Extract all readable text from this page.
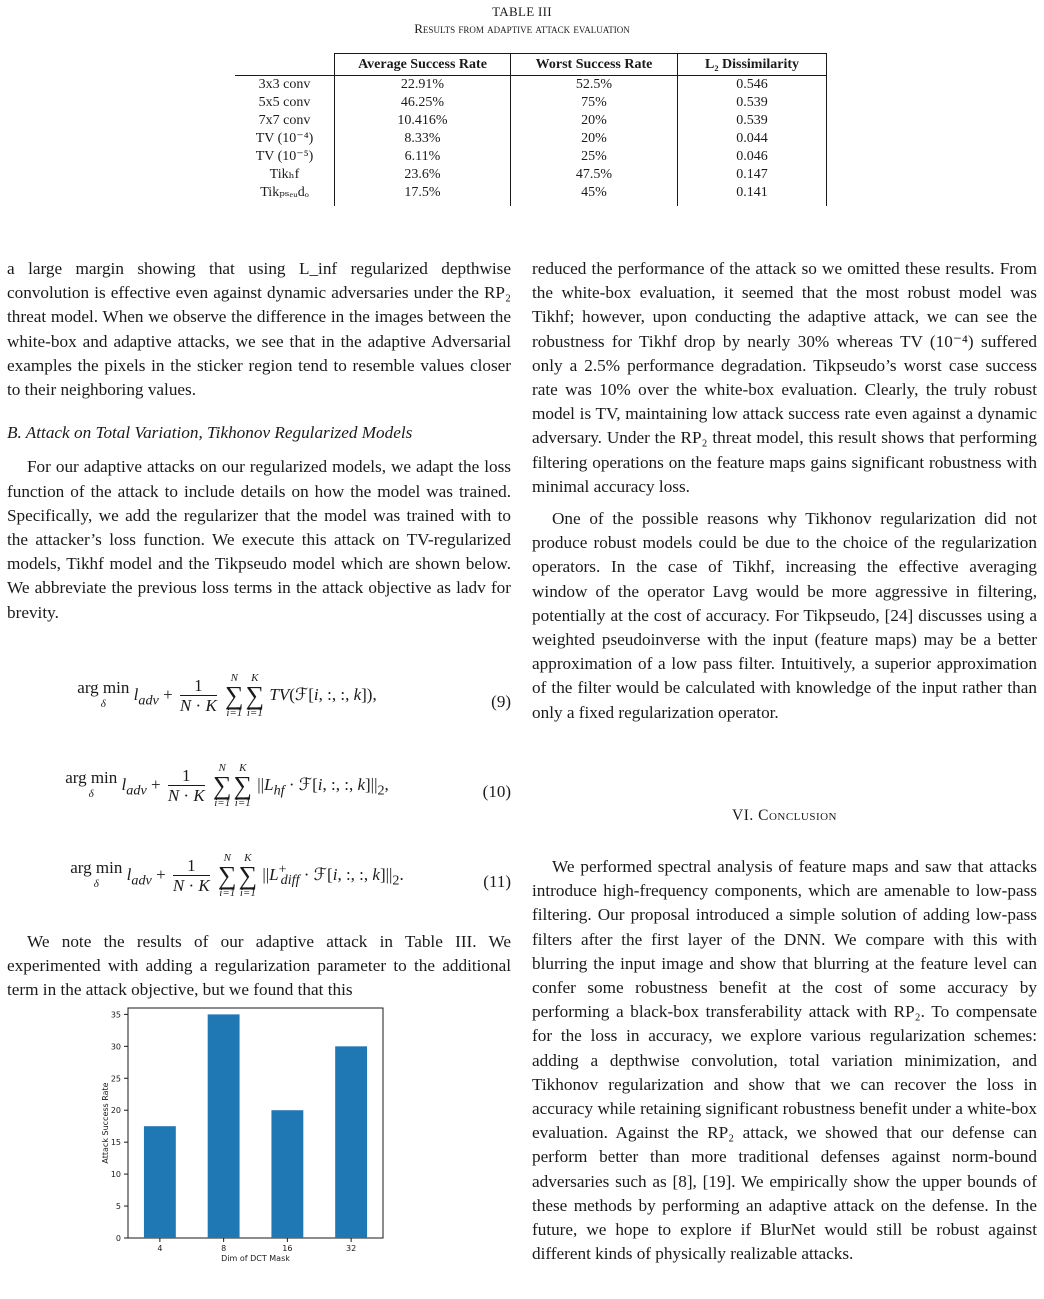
TABLE III
Results from adaptive attack evaluation
	Average Success Rate	Worst Success Rate	L₂ Dissimilarity
3x3 conv	22.91%	52.5%	0.546
5x5 conv	46.25%	75%	0.539
7x7 conv	10.416%	20%	0.539
TV (10⁻⁴)	8.33%	20%	0.044
TV (10⁻⁵)	6.11%	25%	0.046
Tikₕf	23.6%	47.5%	0.147
Tikₚₛₑᵤdₒ	17.5%	45%	0.141

a large margin showing that using L_inf regularized depthwise convolution is effective even against dynamic adversaries under the RP₂ threat model. When we observe the difference in the images between the white-box and adaptive attacks, we see that in the adaptive Adversarial examples the pixels in the sticker region tend to resemble values closer to their neighboring values.

B. Attack on Total Variation, Tikhonov Regularized Models

For our adaptive attacks on our regularized models, we adapt the loss function of the attack to include details on how the model was trained. Specifically, we add the regularizer that the model was trained with to the attacker’s loss function. We execute this attack on TV-regularized models, Tikhf model and the Tikpseudo model which are shown below. We abbreviate the previous loss terms in the attack objective as ladv for brevity.

arg min
δ
$l_{adv} + \frac{1}{N \cdot K}$
	N
∑
i=1
K
∑
i=1
TV(ℱ[i, :, :, k]),	(9)
arg min
δ
$l_{adv} + \frac{1}{N \cdot K}$
	N
∑
i=1
K
∑
i=1
$||L_{hf}$ · ℱ[i, :, :, $k]||_2$,	(10)
arg min
δ
$l_{adv} + \frac{1}{N \cdot K}$
	N
∑
i=1
K
∑
i=1
$||L^+_{diff}$ · ℱ[i, :, :, $k]||_2$.	(11)

We note the results of our adaptive attack in Table III. We experimented with adding a regularization parameter to the additional term in the attack objective, but we found that this

0
5
10
15
20
25
30
35
4	8	16	32
Dim of DCT Mask
Attack Success Rate

reduced the performance of the attack so we omitted these results. From the white-box evaluation, it seemed that the most robust model was Tikhf; however, upon conducting the adaptive attack, we can see the robustness for Tikhf drop by nearly 30% whereas TV (10⁻⁴) suffered only a 2.5% performance degradation. Tikpseudo’s worst case success rate was 10% over the white-box evaluation. Clearly, the truly robust model is TV, maintaining low attack success rate even against a dynamic adversary. Under the RP₂ threat model, this result shows that performing filtering operations on the feature maps gains significant robustness with minimal accuracy loss.

One of the possible reasons why Tikhonov regularization did not produce robust models could be due to the choice of the regularization operators. In the case of Tikhf, increasing the effective averaging window of the operator Lavg would be more aggressive in filtering, potentially at the cost of accuracy. For Tikpseudo, [24] discusses using a weighted pseudoinverse with the input (feature maps) may be a better approximation of a low pass filter. Intuitively, a superior approximation of the filter would be calculated with knowledge of the input rather than only a fixed regularization operator.

VI. Conclusion

We performed spectral analysis of feature maps and saw that attacks introduce high-frequency components, which are amenable to low-pass filtering. Our proposal introduced a simple solution of adding low-pass filters after the first layer of the DNN. We compare with this with blurring the input image and show that blurring at the feature level can confer some robustness benefit at the cost of some accuracy by performing a black-box transferability attack with RP₂. To compensate for the loss in accuracy, we explore various regularization schemes: adding a depthwise convolution, total variation minimization, and Tikhonov regularization and show that we can recover the loss in accuracy while retaining significant robustness benefit under a white-box evaluation. Against the RP₂ attack, we showed that our defense can perform better than more traditional defenses against norm-bound adversaries such as [8], [19]. We empirically show the upper bounds of these methods by performing an adaptive attack on the defense. In the future, we hope to explore if BlurNet would still be robust against different kinds of physically realizable attacks.
